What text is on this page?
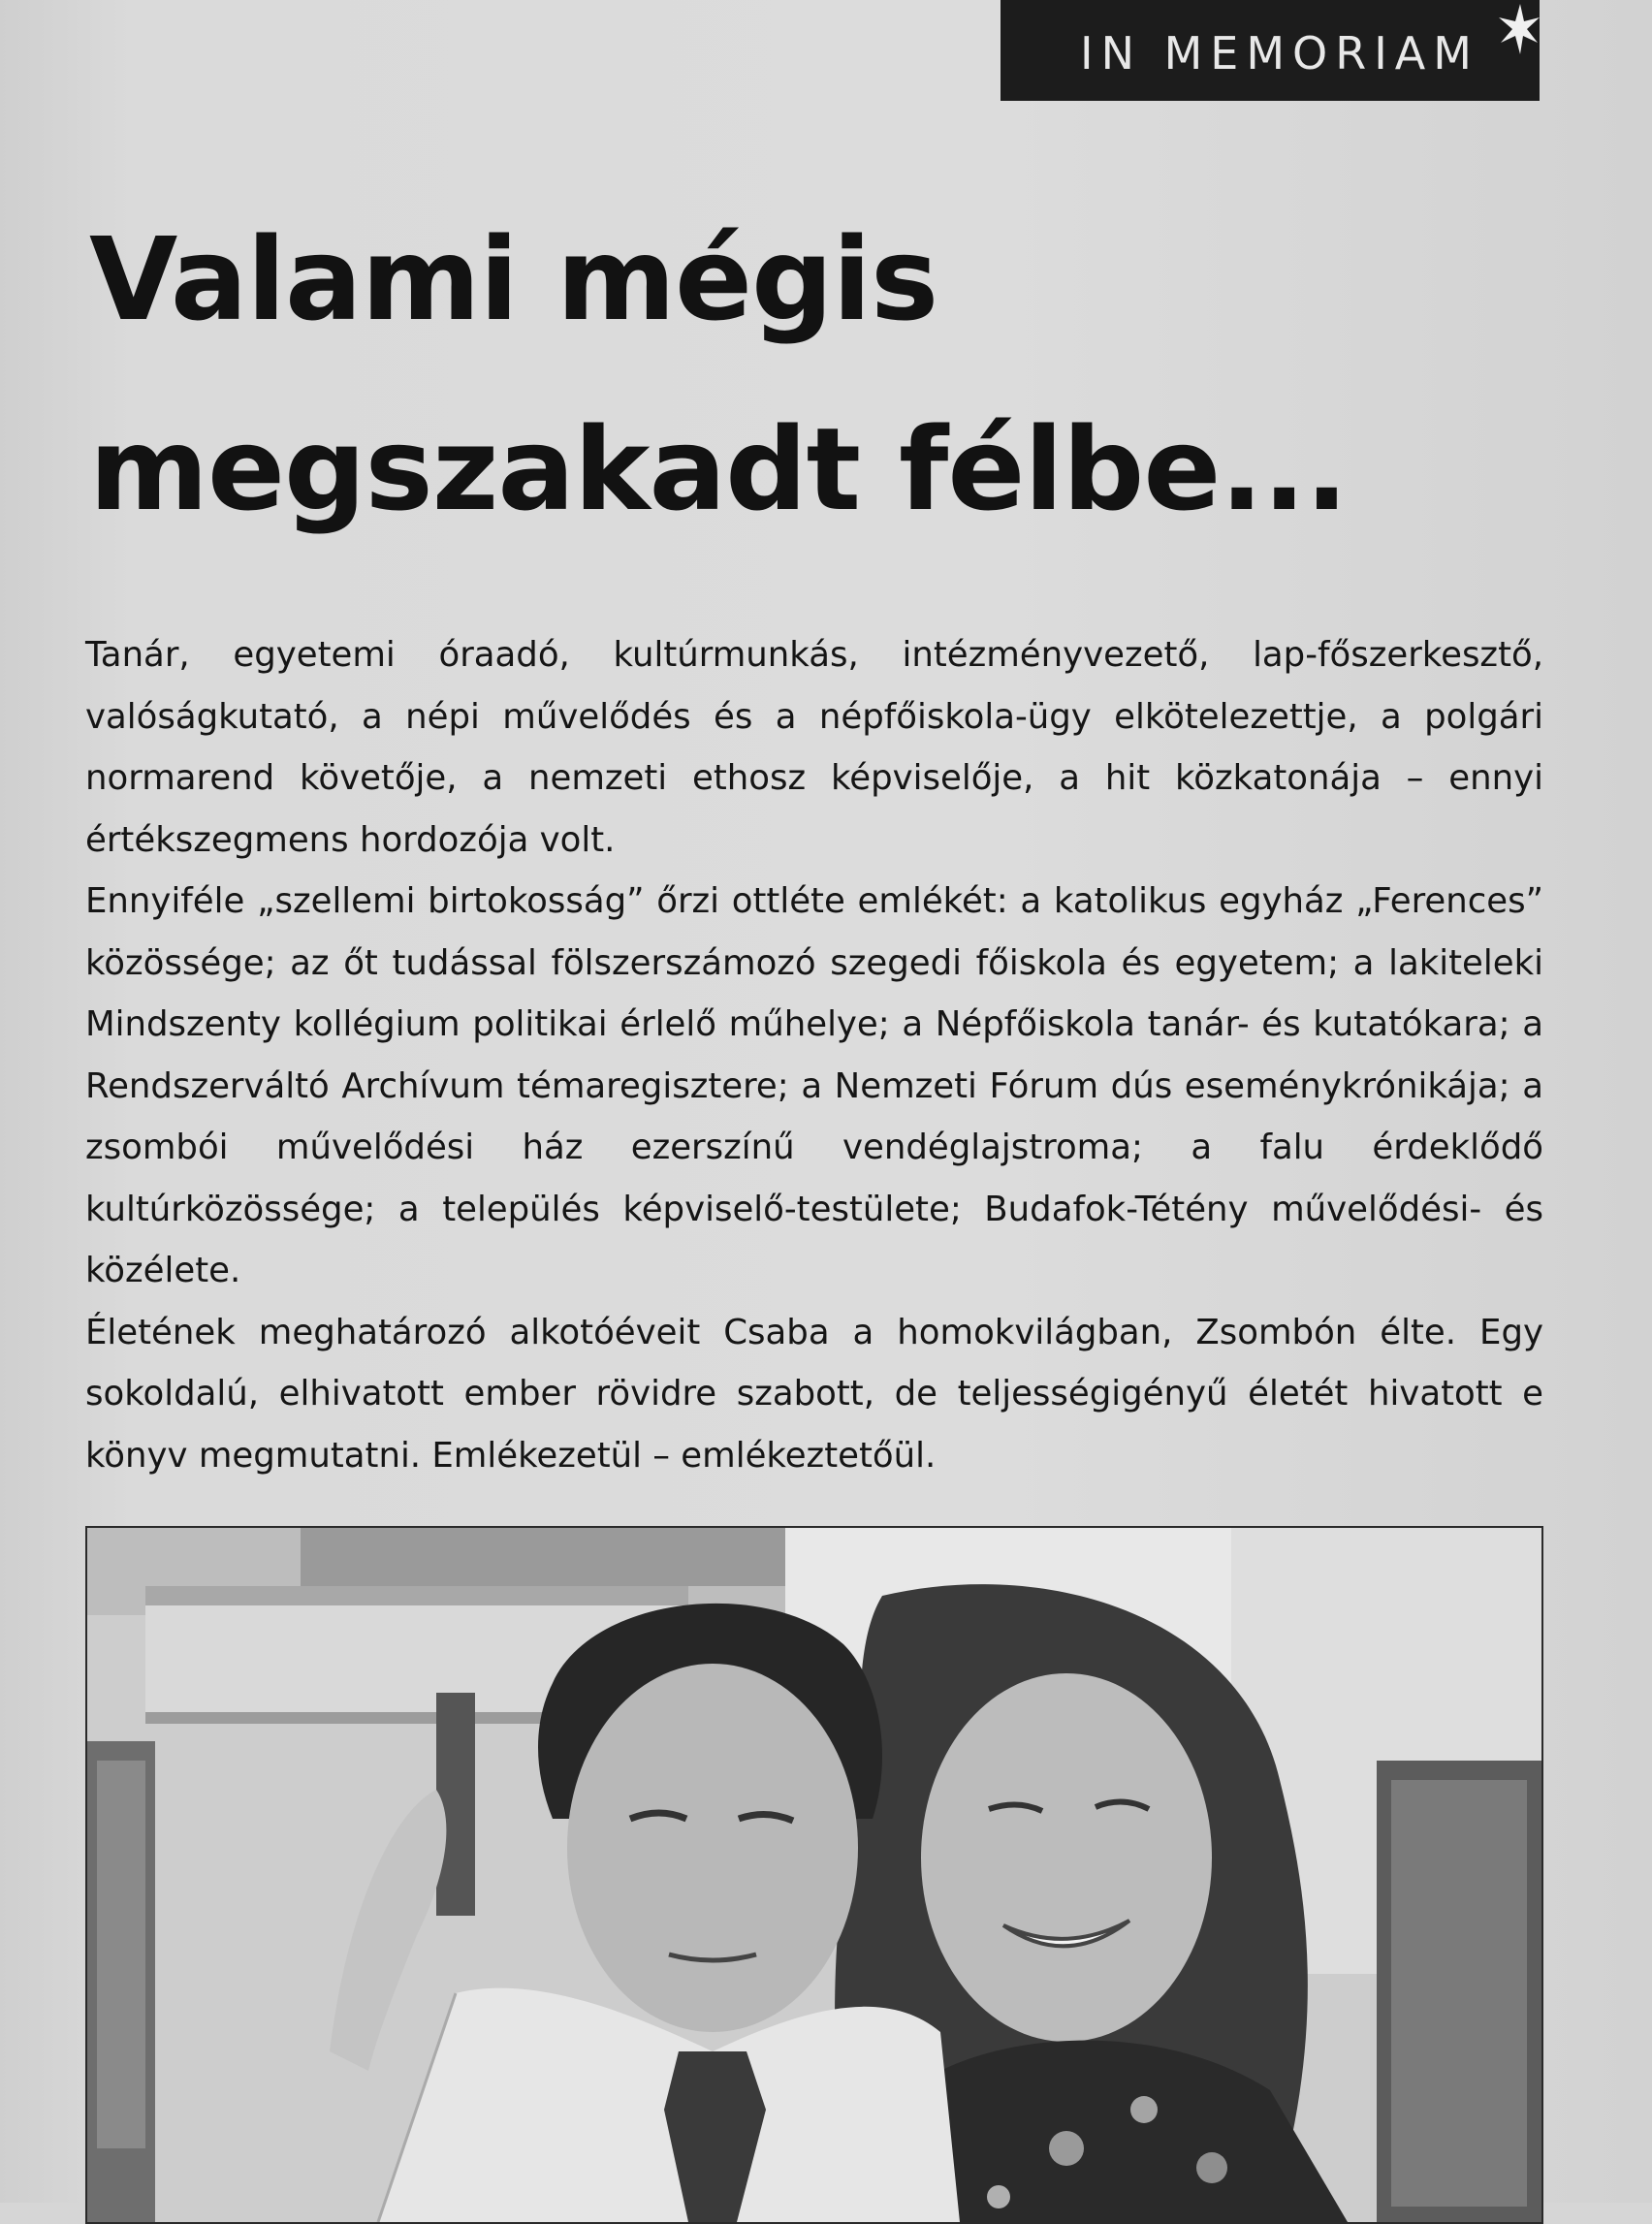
IN MEMORIAM
Valami mégis
megszakadt félbe...

Tanár, egyetemi óraadó, kultúrmunkás, intézményvezető, lap-főszerkesztő, valóságkutató, a népi művelődés és a népfőiskola-ügy elkötelezettje, a polgári normarend követője, a nemzeti ethosz képviselője, a hit közkatonája – ennyi értékszegmens hordozója volt.

Ennyiféle „szellemi birtokosság” őrzi ottléte emlékét: a katolikus egyház „Ferences” közössége; az őt tudással fölszerszámozó szegedi főiskola és egyetem; a lakiteleki Mindszenty kollégium politikai érlelő műhelye; a Népfőiskola tanár- és kutatókara; a Rendszerváltó Archívum témaregisztere; a Nemzeti Fórum dús eseménykrónikája; a zsombói művelődési ház ezerszínű vendéglajstroma; a falu érdeklődő kultúrközössége; a település képviselő-testülete; Budafok-Tétény művelődési- és közélete.

Életének meghatározó alkotóéveit Csaba a homokvilágban, Zsombón élte. Egy sokoldalú, elhivatott ember rövidre szabott, de teljességigényű életét hivatott e könyv megmutatni. Emlékezetül – emlékeztetőül.
